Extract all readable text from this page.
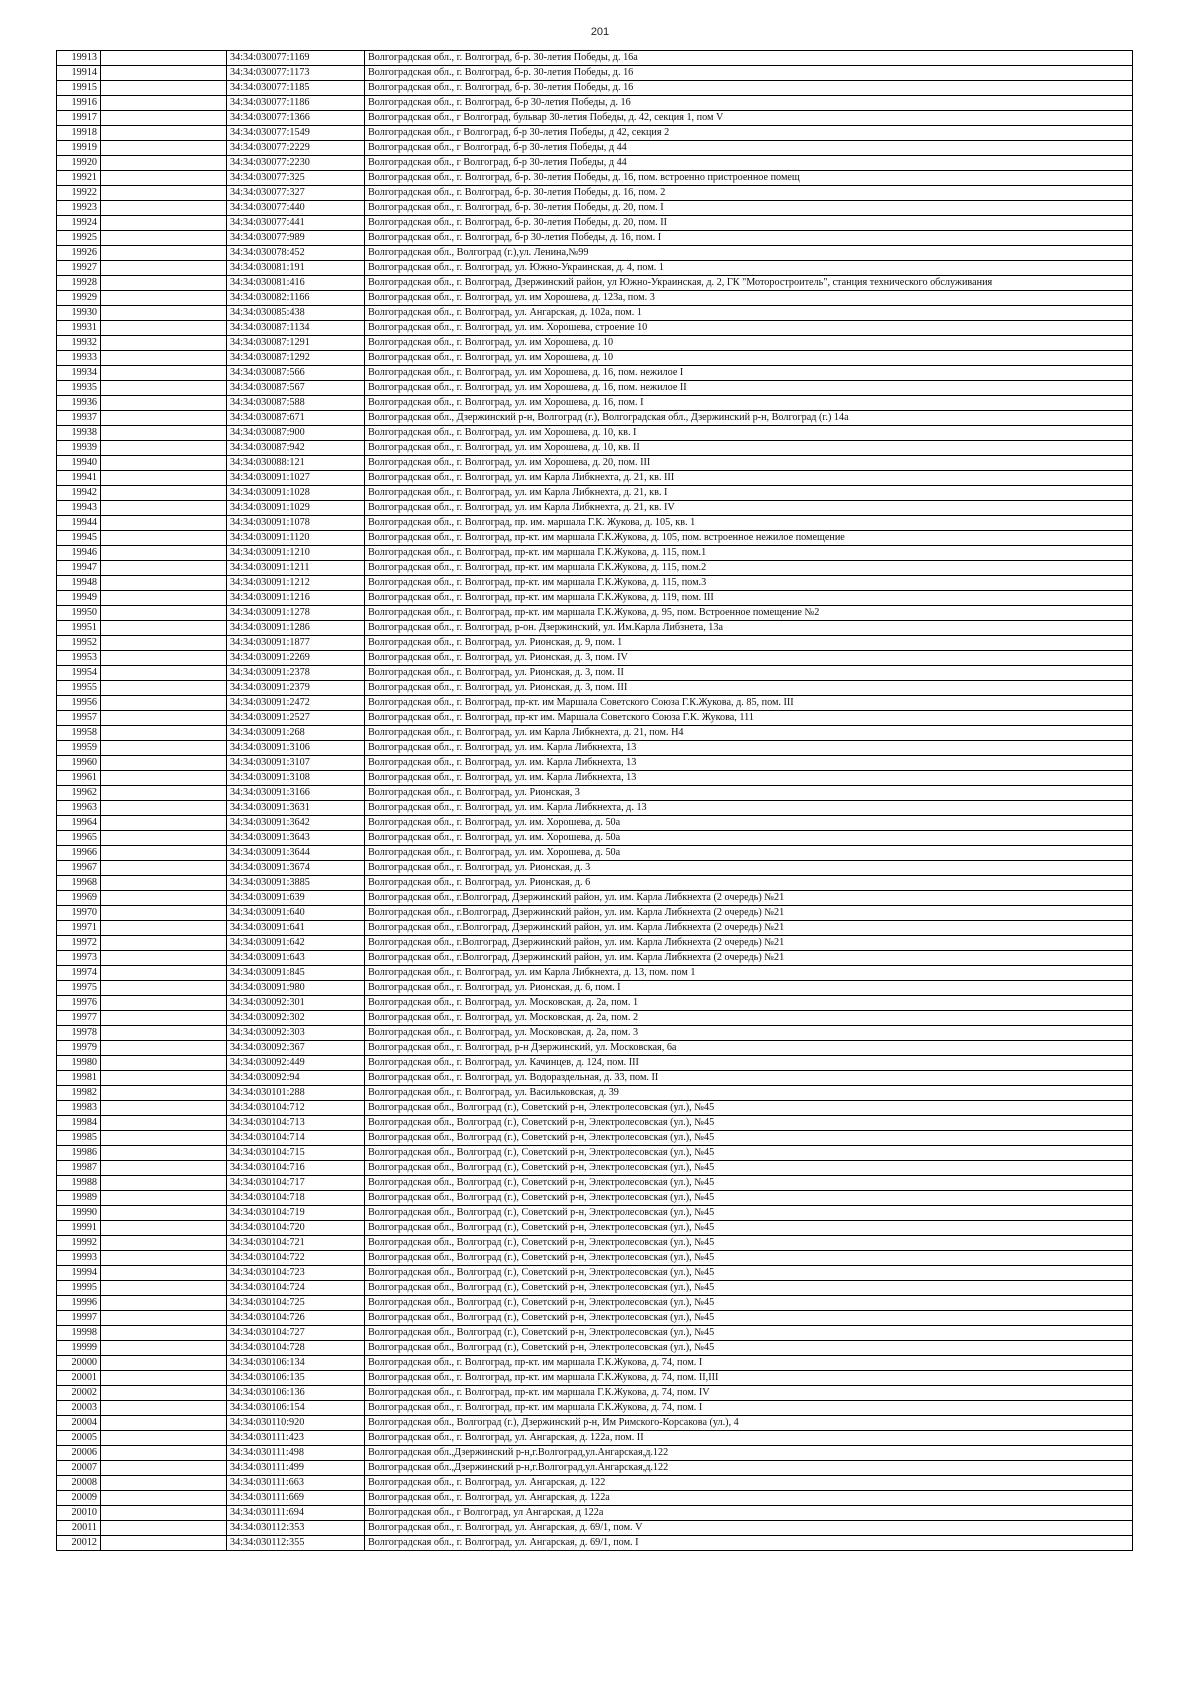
201
19913		34:34:030077:1169	Волгоградская обл., г. Волгоград, б-р. 30-летия Победы, д. 16а
19914		34:34:030077:1173	Волгоградская обл., г. Волгоград, б-р. 30-летия Победы, д. 16
19915		34:34:030077:1185	Волгоградская обл., г. Волгоград, б-р. 30-летия Победы, д. 16
19916		34:34:030077:1186	Волгоградская обл., г. Волгоград, б-р 30-летия Победы, д. 16
19917		34:34:030077:1366	Волгоградская обл., г Волгоград, бульвар 30-летия Победы, д. 42, секция 1, пом V
19918		34:34:030077:1549	Волгоградская обл., г Волгоград, б-р 30-летия Победы, д 42, секция 2
19919		34:34:030077:2229	Волгоградская обл., г Волгоград, б-р 30-летия Победы, д 44
19920		34:34:030077:2230	Волгоградская обл., г Волгоград, б-р 30-летия Победы, д 44
19921		34:34:030077:325	Волгоградская обл., г. Волгоград, б-р. 30-летия Победы, д. 16, пом. встроенно пристроенное помещ
19922		34:34:030077:327	Волгоградская обл., г. Волгоград, б-р. 30-летия Победы, д. 16, пом. 2
19923		34:34:030077:440	Волгоградская обл., г. Волгоград, б-р. 30-летия Победы, д. 20, пом. I
19924		34:34:030077:441	Волгоградская обл., г. Волгоград, б-р. 30-летия Победы, д. 20, пом. II
19925		34:34:030077:989	Волгоградская обл., г. Волгоград, б-р 30-летия Победы, д. 16, пом. I
19926		34:34:030078:452	Волгоградская обл., Волгоград (г.),ул. Ленина,№99
19927		34:34:030081:191	Волгоградская обл., г. Волгоград, ул. Южно-Украинская, д. 4, пом. 1
19928		34:34:030081:416	Волгоградская обл., г. Волгоград, Дзержинский район, ул Южно-Украинская, д. 2, ГК "Моторостроитель", станция технического обслуживания
19929		34:34:030082:1166	Волгоградская обл., г. Волгоград, ул. им Хорошева, д. 123а, пом. 3
19930		34:34:030085:438	Волгоградская обл., г. Волгоград, ул. Ангарская, д. 102а, пом. 1
19931		34:34:030087:1134	Волгоградская обл., г. Волгоград, ул. им. Хорошева, строение 10
19932		34:34:030087:1291	Волгоградская обл., г. Волгоград, ул. им Хорошева, д. 10
19933		34:34:030087:1292	Волгоградская обл., г. Волгоград, ул. им Хорошева, д. 10
19934		34:34:030087:566	Волгоградская обл., г. Волгоград, ул. им Хорошева, д. 16, пом. нежилое I
19935		34:34:030087:567	Волгоградская обл., г. Волгоград, ул. им Хорошева, д. 16, пом. нежилое II
19936		34:34:030087:588	Волгоградская обл., г. Волгоград, ул. им Хорошева, д. 16, пом. I
19937		34:34:030087:671	Волгоградская обл., Дзержинский р-н, Волгоград (г.), Волгоградская обл., Дзержинский р-н, Волгоград (г.) 14а
19938		34:34:030087:900	Волгоградская обл., г. Волгоград, ул. им Хорошева, д. 10, кв. I
19939		34:34:030087:942	Волгоградская обл., г. Волгоград, ул. им Хорошева, д. 10, кв. II
19940		34:34:030088:121	Волгоградская обл., г. Волгоград, ул. им Хорошева, д. 20, пом. III
19941		34:34:030091:1027	Волгоградская обл., г. Волгоград, ул. им Карла Либкнехта, д. 21, кв. III
19942		34:34:030091:1028	Волгоградская обл., г. Волгоград, ул. им Карла Либкнехта, д. 21, кв. I
19943		34:34:030091:1029	Волгоградская обл., г. Волгоград, ул. им Карла Либкнехта, д. 21, кв. IV
19944		34:34:030091:1078	Волгоградская обл., г. Волгоград, пр. им. маршала Г.К. Жукова, д. 105, кв. 1
19945		34:34:030091:1120	Волгоградская обл., г. Волгоград, пр-кт. им маршала Г.К.Жукова, д. 105, пом. встроенное нежилое помещение
19946		34:34:030091:1210	Волгоградская обл., г. Волгоград, пр-кт. им маршала Г.К.Жукова, д. 115, пом.1
19947		34:34:030091:1211	Волгоградская обл., г. Волгоград, пр-кт. им маршала Г.К.Жукова, д. 115, пом.2
19948		34:34:030091:1212	Волгоградская обл., г. Волгоград, пр-кт. им маршала Г.К.Жукова, д. 115, пом.3
19949		34:34:030091:1216	Волгоградская обл., г. Волгоград, пр-кт. им маршала Г.К.Жукова, д. 119, пом. III
19950		34:34:030091:1278	Волгоградская обл., г. Волгоград, пр-кт. им маршала Г.К.Жукова, д. 95, пом. Встроенное помещение №2
19951		34:34:030091:1286	Волгоградская обл., г. Волгоград, р-он. Дзержинский, ул. Им.Карла Либзнета, 13а
19952		34:34:030091:1877	Волгоградская обл., г. Волгоград, ул. Рионская, д. 9, пом. 1
19953		34:34:030091:2269	Волгоградская обл., г. Волгоград, ул. Рионская, д. 3, пом. IV
19954		34:34:030091:2378	Волгоградская обл., г. Волгоград, ул. Рионская, д. 3, пом. II
19955		34:34:030091:2379	Волгоградская обл., г. Волгоград, ул. Рионская, д. 3, пом. III
19956		34:34:030091:2472	Волгоградская обл., г. Волгоград, пр-кт. им Маршала Советского Союза Г.К.Жукова, д. 85, пом. III
19957		34:34:030091:2527	Волгоградская обл., г. Волгоград, пр-кт им. Маршала Советского Союза Г.К. Жукова, 111
19958		34:34:030091:268	Волгоградская обл., г. Волгоград, ул. им Карла Либкнехта, д. 21, пом. Н4
19959		34:34:030091:3106	Волгоградская обл., г. Волгоград, ул. им. Карла Либкнехта, 13
19960		34:34:030091:3107	Волгоградская обл., г. Волгоград, ул. им. Карла Либкнехта, 13
19961		34:34:030091:3108	Волгоградская обл., г. Волгоград, ул. им. Карла Либкнехта, 13
19962		34:34:030091:3166	Волгоградская обл., г. Волгоград, ул. Рионская, 3
19963		34:34:030091:3631	Волгоградская обл., г. Волгоград, ул. им. Карла Либкнехта, д. 13
19964		34:34:030091:3642	Волгоградская обл., г. Волгоград, ул. им. Хорошева, д. 50а
19965		34:34:030091:3643	Волгоградская обл., г. Волгоград, ул. им. Хорошева, д. 50а
19966		34:34:030091:3644	Волгоградская обл., г. Волгоград, ул. им. Хорошева, д. 50а
19967		34:34:030091:3674	Волгоградская обл., г. Волгоград, ул. Рионская, д. 3
19968		34:34:030091:3885	Волгоградская обл., г. Волгоград, ул. Рионская, д. 6
19969		34:34:030091:639	Волгоградская обл., г.Волгоград, Дзержинский район, ул. им. Карла Либкнехта (2 очередь) №21
19970		34:34:030091:640	Волгоградская обл., г.Волгоград, Дзержинский район, ул. им. Карла Либкнехта (2 очередь) №21
19971		34:34:030091:641	Волгоградская обл., г.Волгоград, Дзержинский район, ул. им. Карла Либкнехта (2 очередь) №21
19972		34:34:030091:642	Волгоградская обл., г.Волгоград, Дзержинский район, ул. им. Карла Либкнехта (2 очередь) №21
19973		34:34:030091:643	Волгоградская обл., г.Волгоград, Дзержинский район, ул. им. Карла Либкнехта (2 очередь) №21
19974		34:34:030091:845	Волгоградская обл., г. Волгоград, ул. им Карла Либкнехта, д. 13, пом. пом 1
19975		34:34:030091:980	Волгоградская обл., г. Волгоград, ул. Рионская, д. 6, пом. I
19976		34:34:030092:301	Волгоградская обл., г. Волгоград, ул. Московская, д. 2а, пом. 1
19977		34:34:030092:302	Волгоградская обл., г. Волгоград, ул. Московская, д. 2а, пом. 2
19978		34:34:030092:303	Волгоградская обл., г. Волгоград, ул. Московская, д. 2а, пом. 3
19979		34:34:030092:367	Волгоградская обл., г. Волгоград, р-н Дзержинский, ул. Московская, 6а
19980		34:34:030092:449	Волгоградская обл., г. Волгоград, ул. Качинцев, д. 124, пом. III
19981		34:34:030092:94	Волгоградская обл., г. Волгоград, ул. Водораздельная, д. 33, пом. II
19982		34:34:030101:288	Волгоградская обл., г. Волгоград, ул. Васильковская, д. 39
19983		34:34:030104:712	Волгоградская обл., Волгоград (г.), Советский р-н, Электролесовская (ул.), №45
19984		34:34:030104:713	Волгоградская обл., Волгоград (г.), Советский р-н, Электролесовская (ул.), №45
19985		34:34:030104:714	Волгоградская обл., Волгоград (г.), Советский р-н, Электролесовская (ул.), №45
19986		34:34:030104:715	Волгоградская обл., Волгоград (г.), Советский р-н, Электролесовская (ул.), №45
19987		34:34:030104:716	Волгоградская обл., Волгоград (г.), Советский р-н, Электролесовская (ул.), №45
19988		34:34:030104:717	Волгоградская обл., Волгоград (г.), Советский р-н, Электролесовская (ул.), №45
19989		34:34:030104:718	Волгоградская обл., Волгоград (г.), Советский р-н, Электролесовская (ул.), №45
19990		34:34:030104:719	Волгоградская обл., Волгоград (г.), Советский р-н, Электролесовская (ул.), №45
19991		34:34:030104:720	Волгоградская обл., Волгоград (г.), Советский р-н, Электролесовская (ул.), №45
19992		34:34:030104:721	Волгоградская обл., Волгоград (г.), Советский р-н, Электролесовская (ул.), №45
19993		34:34:030104:722	Волгоградская обл., Волгоград (г.), Советский р-н, Электролесовская (ул.), №45
19994		34:34:030104:723	Волгоградская обл., Волгоград (г.), Советский р-н, Электролесовская (ул.), №45
19995		34:34:030104:724	Волгоградская обл., Волгоград (г.), Советский р-н, Электролесовская (ул.), №45
19996		34:34:030104:725	Волгоградская обл., Волгоград (г.), Советский р-н, Электролесовская (ул.), №45
19997		34:34:030104:726	Волгоградская обл., Волгоград (г.), Советский р-н, Электролесовская (ул.), №45
19998		34:34:030104:727	Волгоградская обл., Волгоград (г.), Советский р-н, Электролесовская (ул.), №45
19999		34:34:030104:728	Волгоградская обл., Волгоград (г.), Советский р-н, Электролесовская (ул.), №45
20000		34:34:030106:134	Волгоградская обл., г. Волгоград, пр-кт. им маршала Г.К.Жукова, д. 74, пом. I
20001		34:34:030106:135	Волгоградская обл., г. Волгоград, пр-кт. им маршала Г.К.Жукова, д. 74, пом. II,III
20002		34:34:030106:136	Волгоградская обл., г. Волгоград, пр-кт. им маршала Г.К.Жукова, д. 74, пом. IV
20003		34:34:030106:154	Волгоградская обл., г. Волгоград, пр-кт. им маршала Г.К.Жукова, д. 74, пом. I
20004		34:34:030110:920	Волгоградская обл., Волгоград (г.), Дзержинский р-н, Им Римского-Корсакова (ул.), 4
20005		34:34:030111:423	Волгоградская обл., г. Волгоград, ул. Ангарская, д. 122а, пом. II
20006		34:34:030111:498	Волгоградская обл.,Дзержинский р-н,г.Волгоград,ул.Ангарская,д.122
20007		34:34:030111:499	Волгоградская обл.,Дзержинский р-н,г.Волгоград,ул.Ангарская,д.122
20008		34:34:030111:663	Волгоградская обл., г. Волгоград, ул. Ангарская, д. 122
20009		34:34:030111:669	Волгоградская обл., г. Волгоград, ул. Ангарская, д. 122а
20010		34:34:030111:694	Волгоградская обл., г Волгоград, ул Ангарская, д 122а
20011		34:34:030112:353	Волгоградская обл., г. Волгоград, ул. Ангарская, д. 69/1, пом. V
20012		34:34:030112:355	Волгоградская обл., г. Волгоград, ул. Ангарская, д. 69/1, пом. I
